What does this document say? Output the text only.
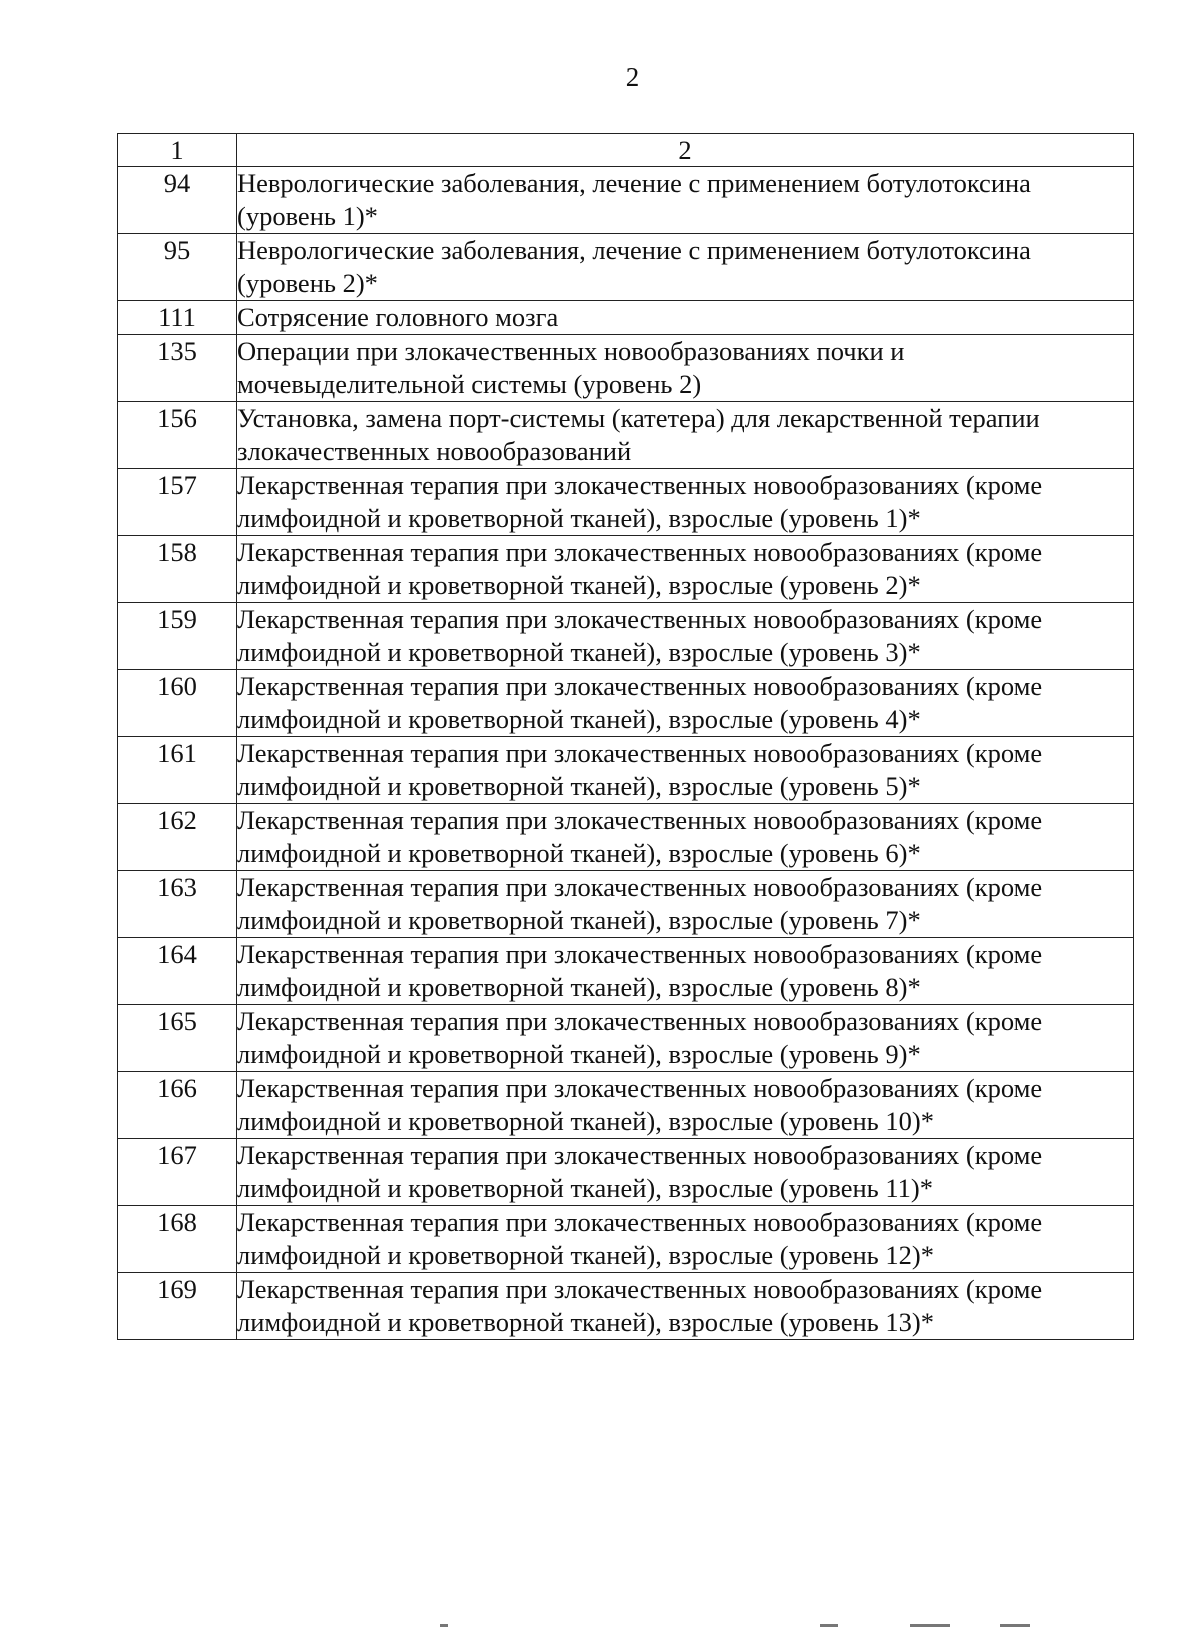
2
1	2
94	Неврологические заболевания, лечение с применением ботулотоксина (уровень 1)*
95	Неврологические заболевания, лечение с применением ботулотоксина (уровень 2)*
111	Сотрясение головного мозга
135	Операции при злокачественных новообразованиях почки и мочевыделительной системы (уровень 2)
156	Установка, замена порт-системы (катетера) для лекарственной терапии злокачественных новообразований
157	Лекарственная терапия при злокачественных новообразованиях (кроме лимфоидной и кроветворной тканей), взрослые (уровень 1)*
158	Лекарственная терапия при злокачественных новообразованиях (кроме лимфоидной и кроветворной тканей), взрослые (уровень 2)*
159	Лекарственная терапия при злокачественных новообразованиях (кроме лимфоидной и кроветворной тканей), взрослые (уровень 3)*
160	Лекарственная терапия при злокачественных новообразованиях (кроме лимфоидной и кроветворной тканей), взрослые (уровень 4)*
161	Лекарственная терапия при злокачественных новообразованиях (кроме лимфоидной и кроветворной тканей), взрослые (уровень 5)*
162	Лекарственная терапия при злокачественных новообразованиях (кроме лимфоидной и кроветворной тканей), взрослые (уровень 6)*
163	Лекарственная терапия при злокачественных новообразованиях (кроме лимфоидной и кроветворной тканей), взрослые (уровень 7)*
164	Лекарственная терапия при злокачественных новообразованиях (кроме лимфоидной и кроветворной тканей), взрослые (уровень 8)*
165	Лекарственная терапия при злокачественных новообразованиях (кроме лимфоидной и кроветворной тканей), взрослые (уровень 9)*
166	Лекарственная терапия при злокачественных новообразованиях (кроме лимфоидной и кроветворной тканей), взрослые (уровень 10)*
167	Лекарственная терапия при злокачественных новообразованиях (кроме лимфоидной и кроветворной тканей), взрослые (уровень 11)*
168	Лекарственная терапия при злокачественных новообразованиях (кроме лимфоидной и кроветворной тканей), взрослые (уровень 12)*
169	Лекарственная терапия при злокачественных новообразованиях (кроме лимфоидной и кроветворной тканей), взрослые (уровень 13)*
